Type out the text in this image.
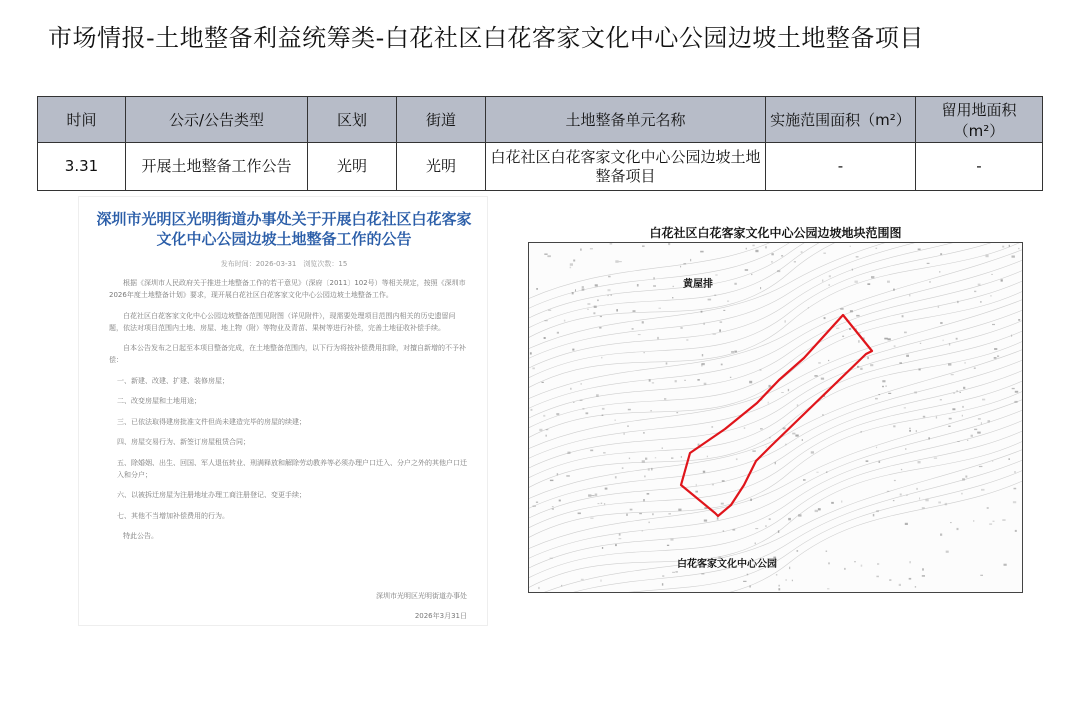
市场情报-土地整备利益统筹类-白花社区白花客家文化中心公园边坡土地整备项目
时间	公示/公告类型	区划	街道	土地整备单元名称	实施范围面积（m²）	留用地面积（m²）
3.31	开展土地整备工作公告	光明	光明	白花社区白花客家文化中心公园边坡土地整备项目	-	-
深圳市光明区光明街道办事处关于开展白花社区白花客家文化中心公园边坡土地整备工作的公告
发布时间：2026-03-31　浏览次数：15

根据《深圳市人民政府关于推进土地整备工作的若干意见》（深府〔2011〕102号）等相关规定，按照《深圳市2026年度土地整备计划》要求，现开展白花社区白花客家文化中心公园边坡土地整备工作。

白花社区白花客家文化中心公园边坡整备范围见附图（详见附件），现需要处理项目范围内相关的历史遗留问题，依法对项目范围内土地、房屋、地上物（附）等物业及青苗、果树等进行补偿，完善土地征收补偿手续。

自本公告发布之日起至本项目整备完成，在土地整备范围内，以下行为将按补偿费用扣除，对擅自新增的不予补偿：

一、新建、改建、扩建、装修房屋；

二、改变房屋和土地用途；

三、已依法取得建房批准文件但尚未建造完毕的房屋的续建；

四、房屋交易行为、新签订房屋租赁合同；

五、除婚姻、出生、回国、军人退伍转业、刑满释放和解除劳动教养等必须办理户口迁入、分户之外的其他户口迁入和分户；

六、以被拆迁房屋为注册地址办理工商注册登记、变更手续；

七、其他不当增加补偿费用的行为。

特此公告。

深圳市光明区光明街道办事处
2026年3月31日
白花社区白花客家文化中心公园边坡地块范围图
黄屋排
白花客家文化中心公园
